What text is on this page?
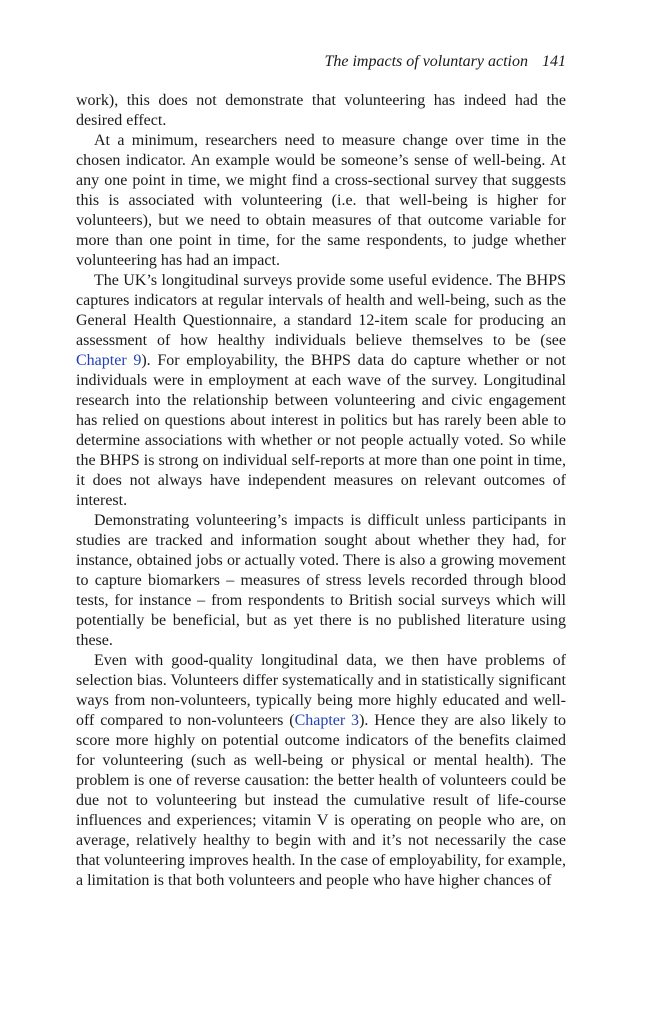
The impacts of voluntary action 141

work), this does not demonstrate that volunteering has indeed had the desired effect.

At a minimum, researchers need to measure change over time in the chosen indicator. An example would be someone’s sense of well-being. At any one point in time, we might find a cross-sectional survey that suggests this is associated with volunteering (i.e. that well-being is higher for volunteers), but we need to obtain measures of that outcome variable for more than one point in time, for the same respondents, to judge whether volunteering has had an impact.

The UK’s longitudinal surveys provide some useful evidence. The BHPS captures indicators at regular intervals of health and well-being, such as the General Health Questionnaire, a standard 12-item scale for producing an assessment of how healthy individuals believe themselves to be (see Chapter 9). For employability, the BHPS data do capture whether or not individuals were in employment at each wave of the survey. Longitudinal research into the relationship between volunteering and civic engagement has relied on questions about interest in politics but has rarely been able to determine associations with whether or not people actually voted. So while the BHPS is strong on individual self-reports at more than one point in time, it does not always have independent measures on relevant outcomes of interest.

Demonstrating volunteering’s impacts is difficult unless participants in studies are tracked and information sought about whether they had, for instance, obtained jobs or actually voted. There is also a growing movement to capture biomarkers – measures of stress levels recorded through blood tests, for instance – from respondents to British social surveys which will potentially be beneficial, but as yet there is no published literature using these.

Even with good-quality longitudinal data, we then have problems of selection bias. Volunteers differ systematically and in statistically significant ways from non-volunteers, typically being more highly educated and well-off compared to non-volunteers (Chapter 3). Hence they are also likely to score more highly on potential outcome indicators of the benefits claimed for volunteering (such as well-being or physical or mental health). The problem is one of reverse causation: the better health of volunteers could be due not to volunteering but instead the cumulative result of life-course influences and experiences; vitamin V is operating on people who are, on average, relatively healthy to begin with and it’s not necessarily the case that volunteering improves health. In the case of employability, for example, a limitation is that both volunteers and people who have higher chances of
